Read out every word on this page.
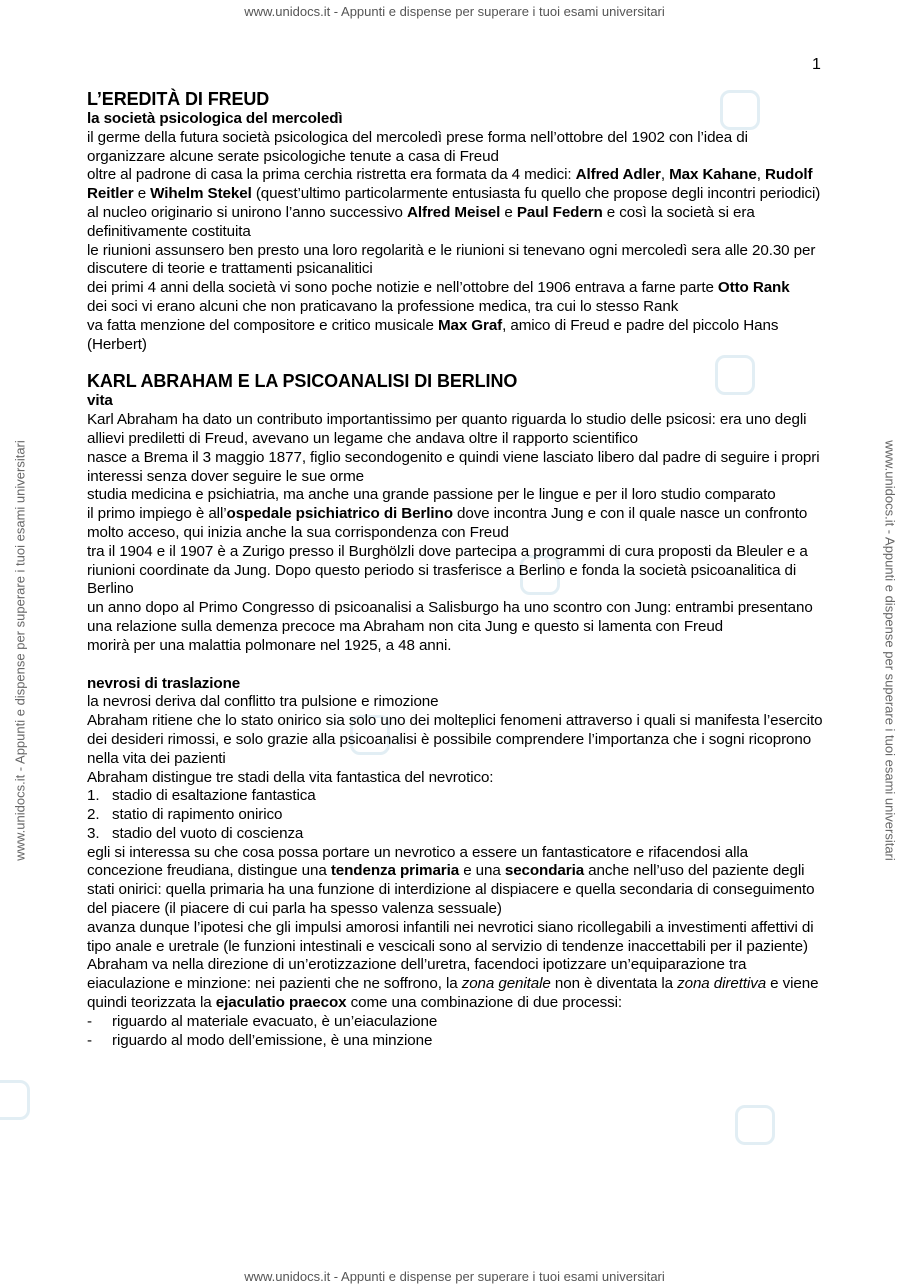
www.unidocs.it - Appunti e dispense per superare i tuoi esami universitari
www.unidocs.it - Appunti e dispense per superare i tuoi esami universitari	www.unidocs.it - Appunti e dispense per superare i tuoi esami universitari
www.unidocs.it - Appunti e dispense per superare i tuoi esami universitari
1
L’EREDITÀ DI FREUD
la società psicologica del mercoledì

il germe della futura società psicologica del mercoledì prese forma nell’ottobre del 1902 con l’idea di organizzare alcune serate psicologiche tenute a casa di Freud

oltre al padrone di casa la prima cerchia ristretta era formata da 4 medici: Alfred Adler, Max Kahane, Rudolf Reitler e Wihelm Stekel (quest’ultimo particolarmente entusiasta fu quello che propose degli incontri periodici)

al nucleo originario si unirono l’anno successivo Alfred Meisel e Paul Federn e così la società si era definitivamente costituita

le riunioni assunsero ben presto una loro regolarità e le riunioni si tenevano ogni mercoledì sera alle 20.30 per discutere di teorie e trattamenti psicanalitici

dei primi 4 anni della società vi sono poche notizie e nell’ottobre del 1906 entrava a farne parte Otto Rank

dei soci vi erano alcuni che non praticavano la professione medica, tra cui lo stesso Rank

va fatta menzione del compositore e critico musicale Max Graf, amico di Freud e padre del piccolo Hans (Herbert)

KARL ABRAHAM E LA PSICOANALISI DI BERLINO
vita

Karl Abraham ha dato un contributo importantissimo per quanto riguarda lo studio delle psicosi: era uno degli allievi prediletti di Freud, avevano un legame che andava oltre il rapporto scientifico

nasce a Brema il 3 maggio 1877, figlio secondogenito e quindi viene lasciato libero dal padre di seguire i propri interessi senza dover seguire le sue orme

studia medicina e psichiatria, ma anche una grande passione per le lingue e per il loro studio comparato

il primo impiego è all’ospedale psichiatrico di Berlino dove incontra Jung e con il quale nasce un confronto molto acceso, qui inizia anche la sua corrispondenza con Freud

tra il 1904 e il 1907 è a Zurigo presso il Burghölzli dove partecipa a programmi di cura proposti da Bleuler e a riunioni coordinate da Jung. Dopo questo periodo si trasferisce a Berlino e fonda la società psicoanalitica di Berlino

un anno dopo al Primo Congresso di psicoanalisi a Salisburgo ha uno scontro con Jung: entrambi presentano una relazione sulla demenza precoce ma Abraham non cita Jung e questo si lamenta con Freud

morirà per una malattia polmonare nel 1925, a 48 anni.

nevrosi di traslazione

la nevrosi deriva dal conflitto tra pulsione e rimozione

Abraham ritiene che lo stato onirico sia solo uno dei molteplici fenomeni attraverso i quali si manifesta l’esercito dei desideri rimossi, e solo grazie alla psicoanalisi è possibile comprendere l’importanza che i sogni ricoprono nella vita dei pazienti

Abraham distingue tre stadi della vita fantastica del nevrotico:

1. stadio di esaltazione fantastica
2. statio di rapimento onirico
3. stadio del vuoto di coscienza

egli si interessa su che cosa possa portare un nevrotico a essere un fantasticatore e rifacendosi alla concezione freudiana, distingue una tendenza primaria e una secondaria anche nell’uso del paziente degli stati onirici: quella primaria ha una funzione di interdizione al dispiacere e quella secondaria di conseguimento del piacere (il piacere di cui parla ha spesso valenza sessuale)

avanza dunque l’ipotesi che gli impulsi amorosi infantili nei nevrotici siano ricollegabili a investimenti affettivi di tipo anale e uretrale (le funzioni intestinali e vescicali sono al servizio di tendenze inaccettabili per il paziente)

Abraham va nella direzione di un’erotizzazione dell’uretra, facendoci ipotizzare un’equiparazione tra eiaculazione e minzione: nei pazienti che ne soffrono, la zona genitale non è diventata la zona direttiva e viene quindi teorizzata la ejaculatio praecox come una combinazione di due processi:

-	riguardo al materiale evacuato, è un’eiaculazione
-	riguardo al modo dell’emissione, è una minzione
